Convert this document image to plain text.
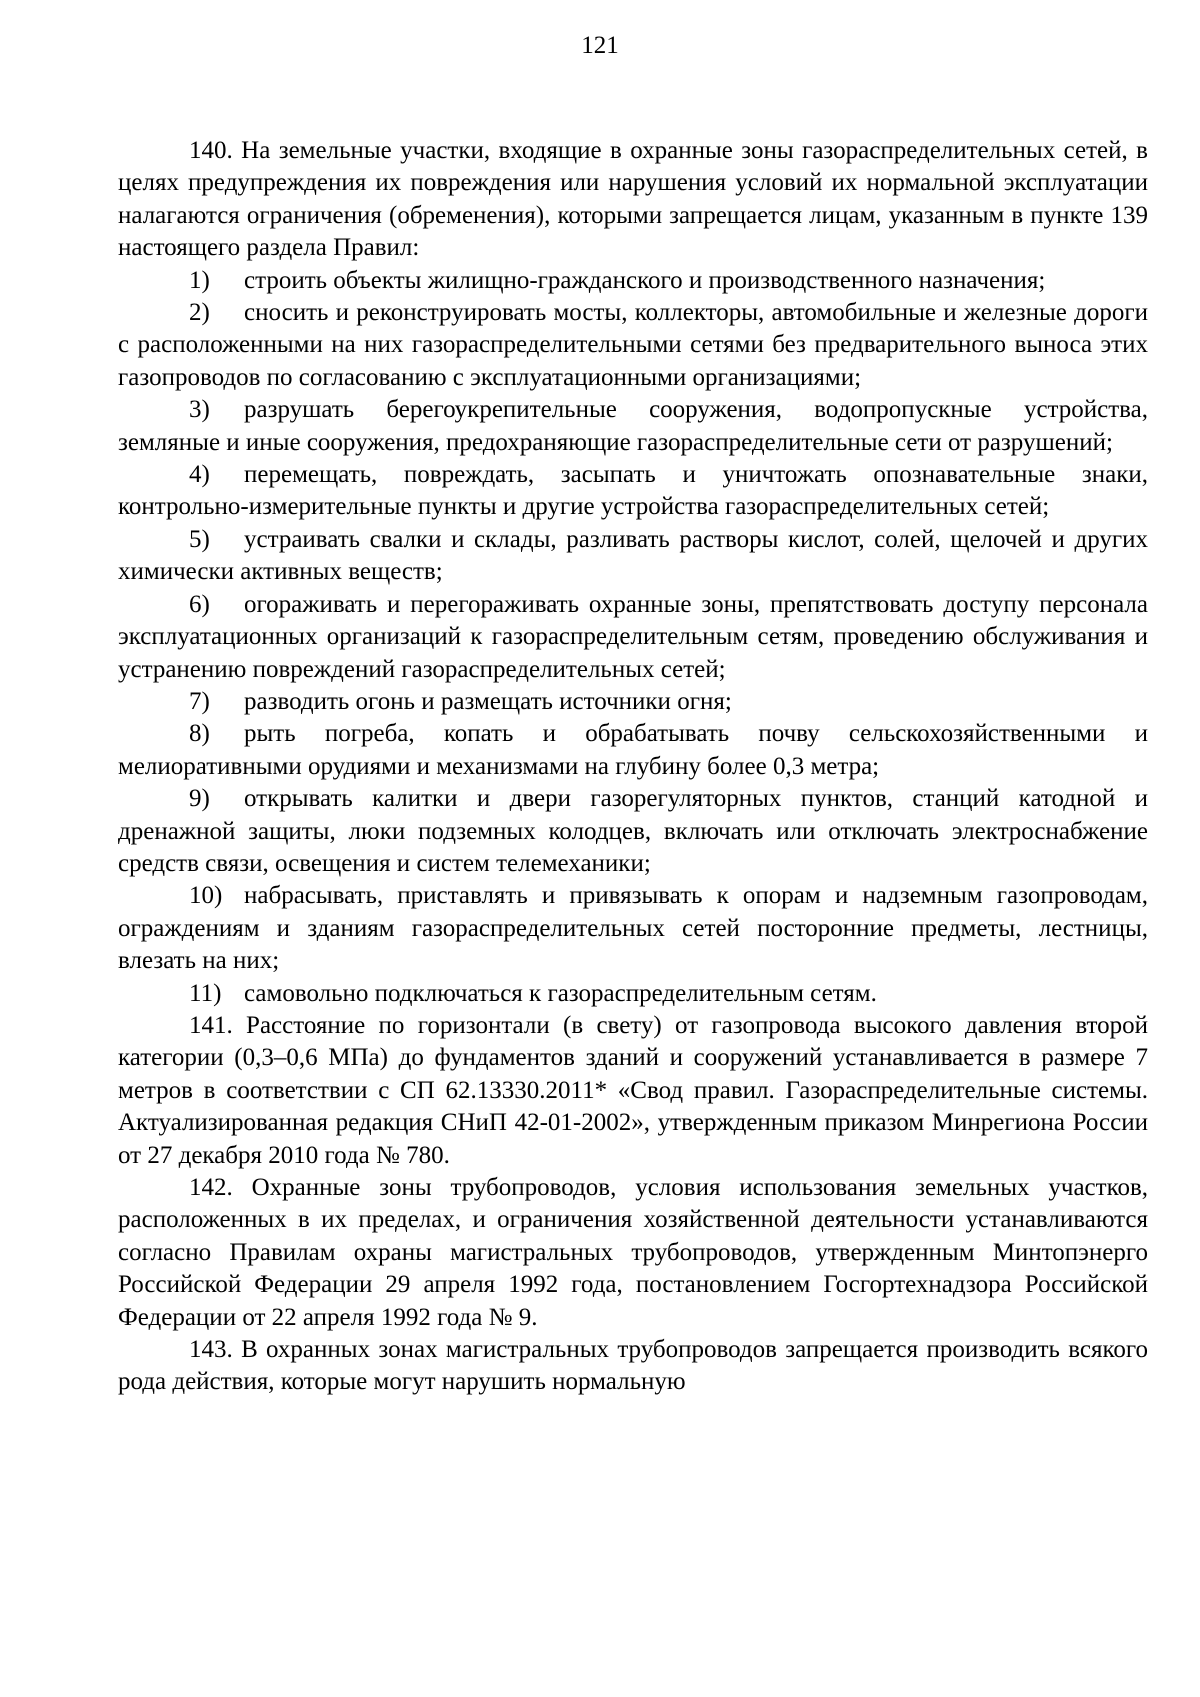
121

140. На земельные участки, входящие в охранные зоны газораспределительных сетей, в целях предупреждения их повреждения или нарушения условий их нормальной эксплуатации налагаются ограничения (обременения), которыми запрещается лицам, указанным в пункте 139 настоящего раздела Правил:

1) строить объекты жилищно-гражданского и производственного назначения;

2) сносить и реконструировать мосты, коллекторы, автомобильные и железные дороги с расположенными на них газораспределительными сетями без предварительного выноса этих газопроводов по согласованию с эксплуатационными организациями;

3) разрушать берегоукрепительные сооружения, водопропускные устройства, земляные и иные сооружения, предохраняющие газораспределительные сети от разрушений;

4) перемещать, повреждать, засыпать и уничтожать опознавательные знаки, контрольно-измерительные пункты и другие устройства газораспределительных сетей;

5) устраивать свалки и склады, разливать растворы кислот, солей, щелочей и других химически активных веществ;

6) огораживать и перегораживать охранные зоны, препятствовать доступу персонала эксплуатационных организаций к газораспределительным сетям, проведению обслуживания и устранению повреждений газораспределительных сетей;

7) разводить огонь и размещать источники огня;

8) рыть погреба, копать и обрабатывать почву сельскохозяйственными и мелиоративными орудиями и механизмами на глубину более 0,3 метра;

9) открывать калитки и двери газорегуляторных пунктов, станций катодной и дренажной защиты, люки подземных колодцев, включать или отключать электроснабжение средств связи, освещения и систем телемеханики;

10) набрасывать, приставлять и привязывать к опорам и надземным газопроводам, ограждениям и зданиям газораспределительных сетей посторонние предметы, лестницы, влезать на них;

11) самовольно подключаться к газораспределительным сетям.

141. Расстояние по горизонтали (в свету) от газопровода высокого давления второй категории (0,3–0,6 МПа) до фундаментов зданий и сооружений устанавливается в размере 7 метров в соответствии с СП 62.13330.2011* «Свод правил. Газораспределительные системы. Актуализированная редакция СНиП 42-01-2002», утвержденным приказом Минрегиона России от 27 декабря 2010 года № 780.

142. Охранные зоны трубопроводов, условия использования земельных участков, расположенных в их пределах, и ограничения хозяйственной деятельности устанавливаются согласно Правилам охраны магистральных трубопроводов, утвержденным Минтопэнерго Российской Федерации 29 апреля 1992 года, постановлением Госгортехнадзора Российской Федерации от 22 апреля 1992 года № 9.

143. В охранных зонах магистральных трубопроводов запрещается производить всякого рода действия, которые могут нарушить нормальную
